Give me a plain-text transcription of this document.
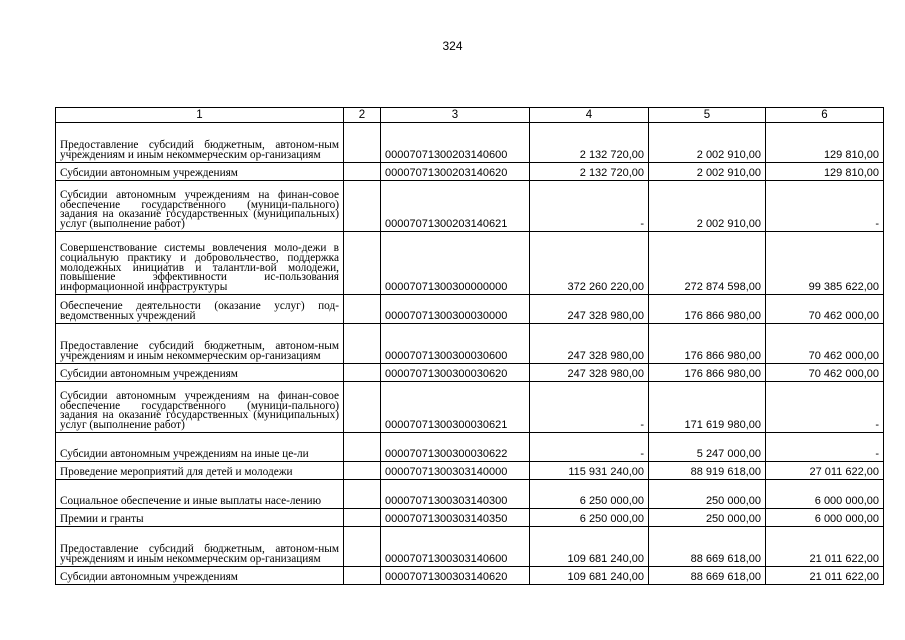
324
1	2	3	4	5	6
Предоставление субсидий бюджетным, автоном-ным учреждениям и иным некоммерческим ор-ганизациям		00007071300203140600	2 132 720,00	2 002 910,00	129 810,00
Субсидии автономным учреждениям		00007071300203140620	2 132 720,00	2 002 910,00	129 810,00
Субсидии автономным учреждениям на финан-совое обеспечение государственного (муници-пального) задания на оказание государственных (муниципальных) услуг (выполнение работ)		00007071300203140621	-	2 002 910,00	-
Совершенствование системы вовлечения моло-дежи в социальную практику и добровольчество, поддержка молодежных инициатив и талантли-вой молодежи, повышение эффективности ис-пользования информационной инфраструктуры		00007071300300000000	372 260 220,00	272 874 598,00	99 385 622,00
Обеспечение деятельности (оказание услуг) под-ведомственных учреждений		00007071300300030000	247 328 980,00	176 866 980,00	70 462 000,00
Предоставление субсидий бюджетным, автоном-ным учреждениям и иным некоммерческим ор-ганизациям		00007071300300030600	247 328 980,00	176 866 980,00	70 462 000,00
Субсидии автономным учреждениям		00007071300300030620	247 328 980,00	176 866 980,00	70 462 000,00
Субсидии автономным учреждениям на финан-совое обеспечение государственного (муници-пального) задания на оказание государственных (муниципальных) услуг (выполнение работ)		00007071300300030621	-	171 619 980,00	-
Субсидии автономным учреждениям на иные це-ли		00007071300300030622	-	5 247 000,00	-
Проведение мероприятий для детей и молодежи		00007071300303140000	115 931 240,00	88 919 618,00	27 011 622,00
Социальное обеспечение и иные выплаты насе-лению		00007071300303140300	6 250 000,00	250 000,00	6 000 000,00
Премии и гранты		00007071300303140350	6 250 000,00	250 000,00	6 000 000,00
Предоставление субсидий бюджетным, автоном-ным учреждениям и иным некоммерческим ор-ганизациям		00007071300303140600	109 681 240,00	88 669 618,00	21 011 622,00
Субсидии автономным учреждениям		00007071300303140620	109 681 240,00	88 669 618,00	21 011 622,00
